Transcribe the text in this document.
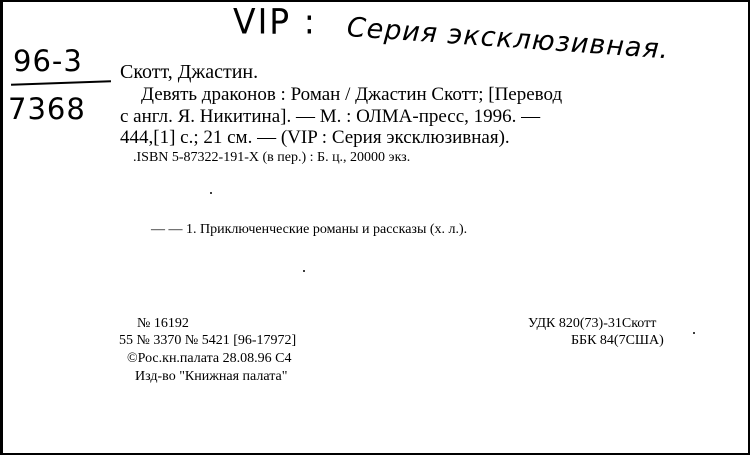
VIP : Серия эксклюзивная.
96-3
7368
Скотт, Джастин.
Девять драконов : Роман / Джастин Скотт; [Перевод
с англ. Я. Никитина]. — М. : ОЛМА-пресс, 1996. —
444,[1] с.; 21 см. — (VIP : Серия эксклюзивная).
.ISBN 5-87322-191-X (в пер.) : Б. ц., 20000 экз.
— — 1. Приключенческие романы и рассказы (х. л.).
№ 16192
55 № 3370 № 5421 [96-17972]
©Рос.кн.палата 28.08.96 С4
Изд-во "Книжная палата"
УДК 820(73)-31Скотт
ББК 84(7США)
